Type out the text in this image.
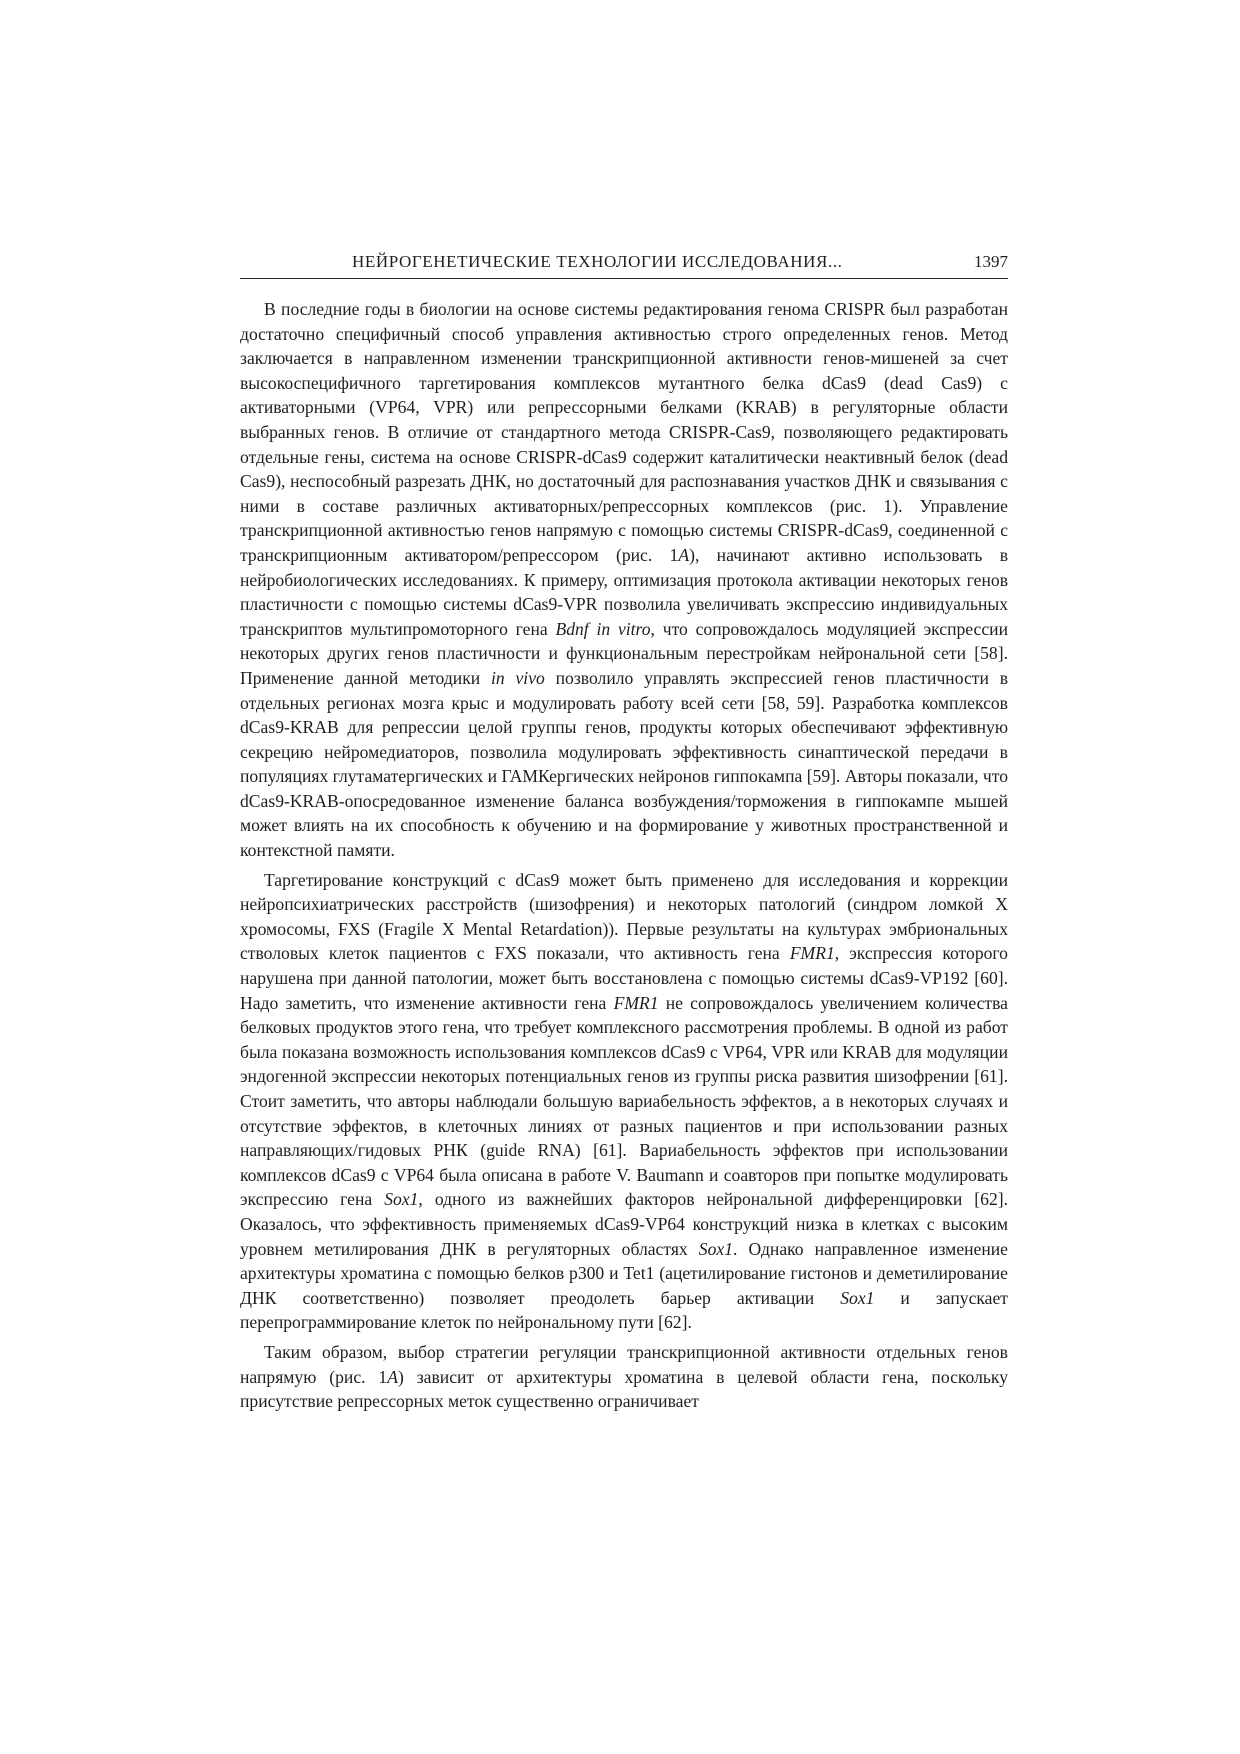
НЕЙРОГЕНЕТИЧЕСКИЕ ТЕХНОЛОГИИ ИССЛЕДОВАНИЯ...	1397

В последние годы в биологии на основе системы редактирования генома CRISPR был разработан достаточно специфичный способ управления активностью строго определенных генов. Метод заключается в направленном изменении транскрипционной активности генов-мишеней за счет высокоспецифичного таргетирования комплексов мутантного белка dCas9 (dead Cas9) с активаторными (VP64, VPR) или репрессорными белками (KRAB) в регуляторные области выбранных генов. В отличие от стандартного метода CRISPR-Cas9, позволяющего редактировать отдельные гены, система на основе CRISPR-dCas9 содержит каталитически неактивный белок (dead Cas9), неспособный разрезать ДНК, но достаточный для распознавания участков ДНК и связывания с ними в составе различных активаторных/репрессорных комплексов (рис. 1). Управление транскрипционной активностью генов напрямую с помощью системы CRISPR-dCas9, соединенной с транскрипционным активатором/репрессором (рис. 1А), начинают активно использовать в нейробиологических исследованиях. К примеру, оптимизация протокола активации некоторых генов пластичности с помощью системы dCas9-VPR позволила увеличивать экспрессию индивидуальных транскриптов мультипромоторного гена Bdnf in vitro, что сопровождалось модуляцией экспрессии некоторых других генов пластичности и функциональным перестройкам нейрональной сети [58]. Применение данной методики in vivo позволило управлять экспрессией генов пластичности в отдельных регионах мозга крыс и модулировать работу всей сети [58, 59]. Разработка комплексов dCas9-KRAB для репрессии целой группы генов, продукты которых обеспечивают эффективную секрецию нейромедиаторов, позволила модулировать эффективность синаптической передачи в популяциях глутаматергических и ГАМКергических нейронов гиппокампа [59]. Авторы показали, что dCas9-KRAB-опосредованное изменение баланса возбуждения/торможения в гиппокампе мышей может влиять на их способность к обучению и на формирование у животных пространственной и контекстной памяти.

Таргетирование конструкций с dCas9 может быть применено для исследования и коррекции нейропсихиатрических расстройств (шизофрения) и некоторых патологий (синдром ломкой Х хромосомы, FXS (Fragile X Mental Retardation)). Первые результаты на культурах эмбриональных стволовых клеток пациентов с FXS показали, что активность гена FMR1, экспрессия которого нарушена при данной патологии, может быть восстановлена с помощью системы dCas9-VP192 [60]. Надо заметить, что изменение активности гена FMR1 не сопровождалось увеличением количества белковых продуктов этого гена, что требует комплексного рассмотрения проблемы. В одной из работ была показана возможность использования комплексов dCas9 с VP64, VPR или KRAB для модуляции эндогенной экспрессии некоторых потенциальных генов из группы риска развития шизофрении [61]. Стоит заметить, что авторы наблюдали большую вариабельность эффектов, а в некоторых случаях и отсутствие эффектов, в клеточных линиях от разных пациентов и при использовании разных направляющих/гидовых РНК (guide RNA) [61]. Вариабельность эффектов при использовании комплексов dCas9 с VP64 была описана в работе V. Baumann и соавторов при попытке модулировать экспрессию гена Sox1, одного из важнейших факторов нейрональной дифференцировки [62]. Оказалось, что эффективность применяемых dCas9-VP64 конструкций низка в клетках с высоким уровнем метилирования ДНК в регуляторных областях Sox1. Однако направленное изменение архитектуры хроматина с помощью белков p300 и Tet1 (ацетилирование гистонов и деметилирование ДНК соответственно) позволяет преодолеть барьер активации Sox1 и запускает перепрограммирование клеток по нейрональному пути [62].

Таким образом, выбор стратегии регуляции транскрипционной активности отдельных генов напрямую (рис. 1А) зависит от архитектуры хроматина в целевой области гена, поскольку присутствие репрессорных меток существенно ограничивает
